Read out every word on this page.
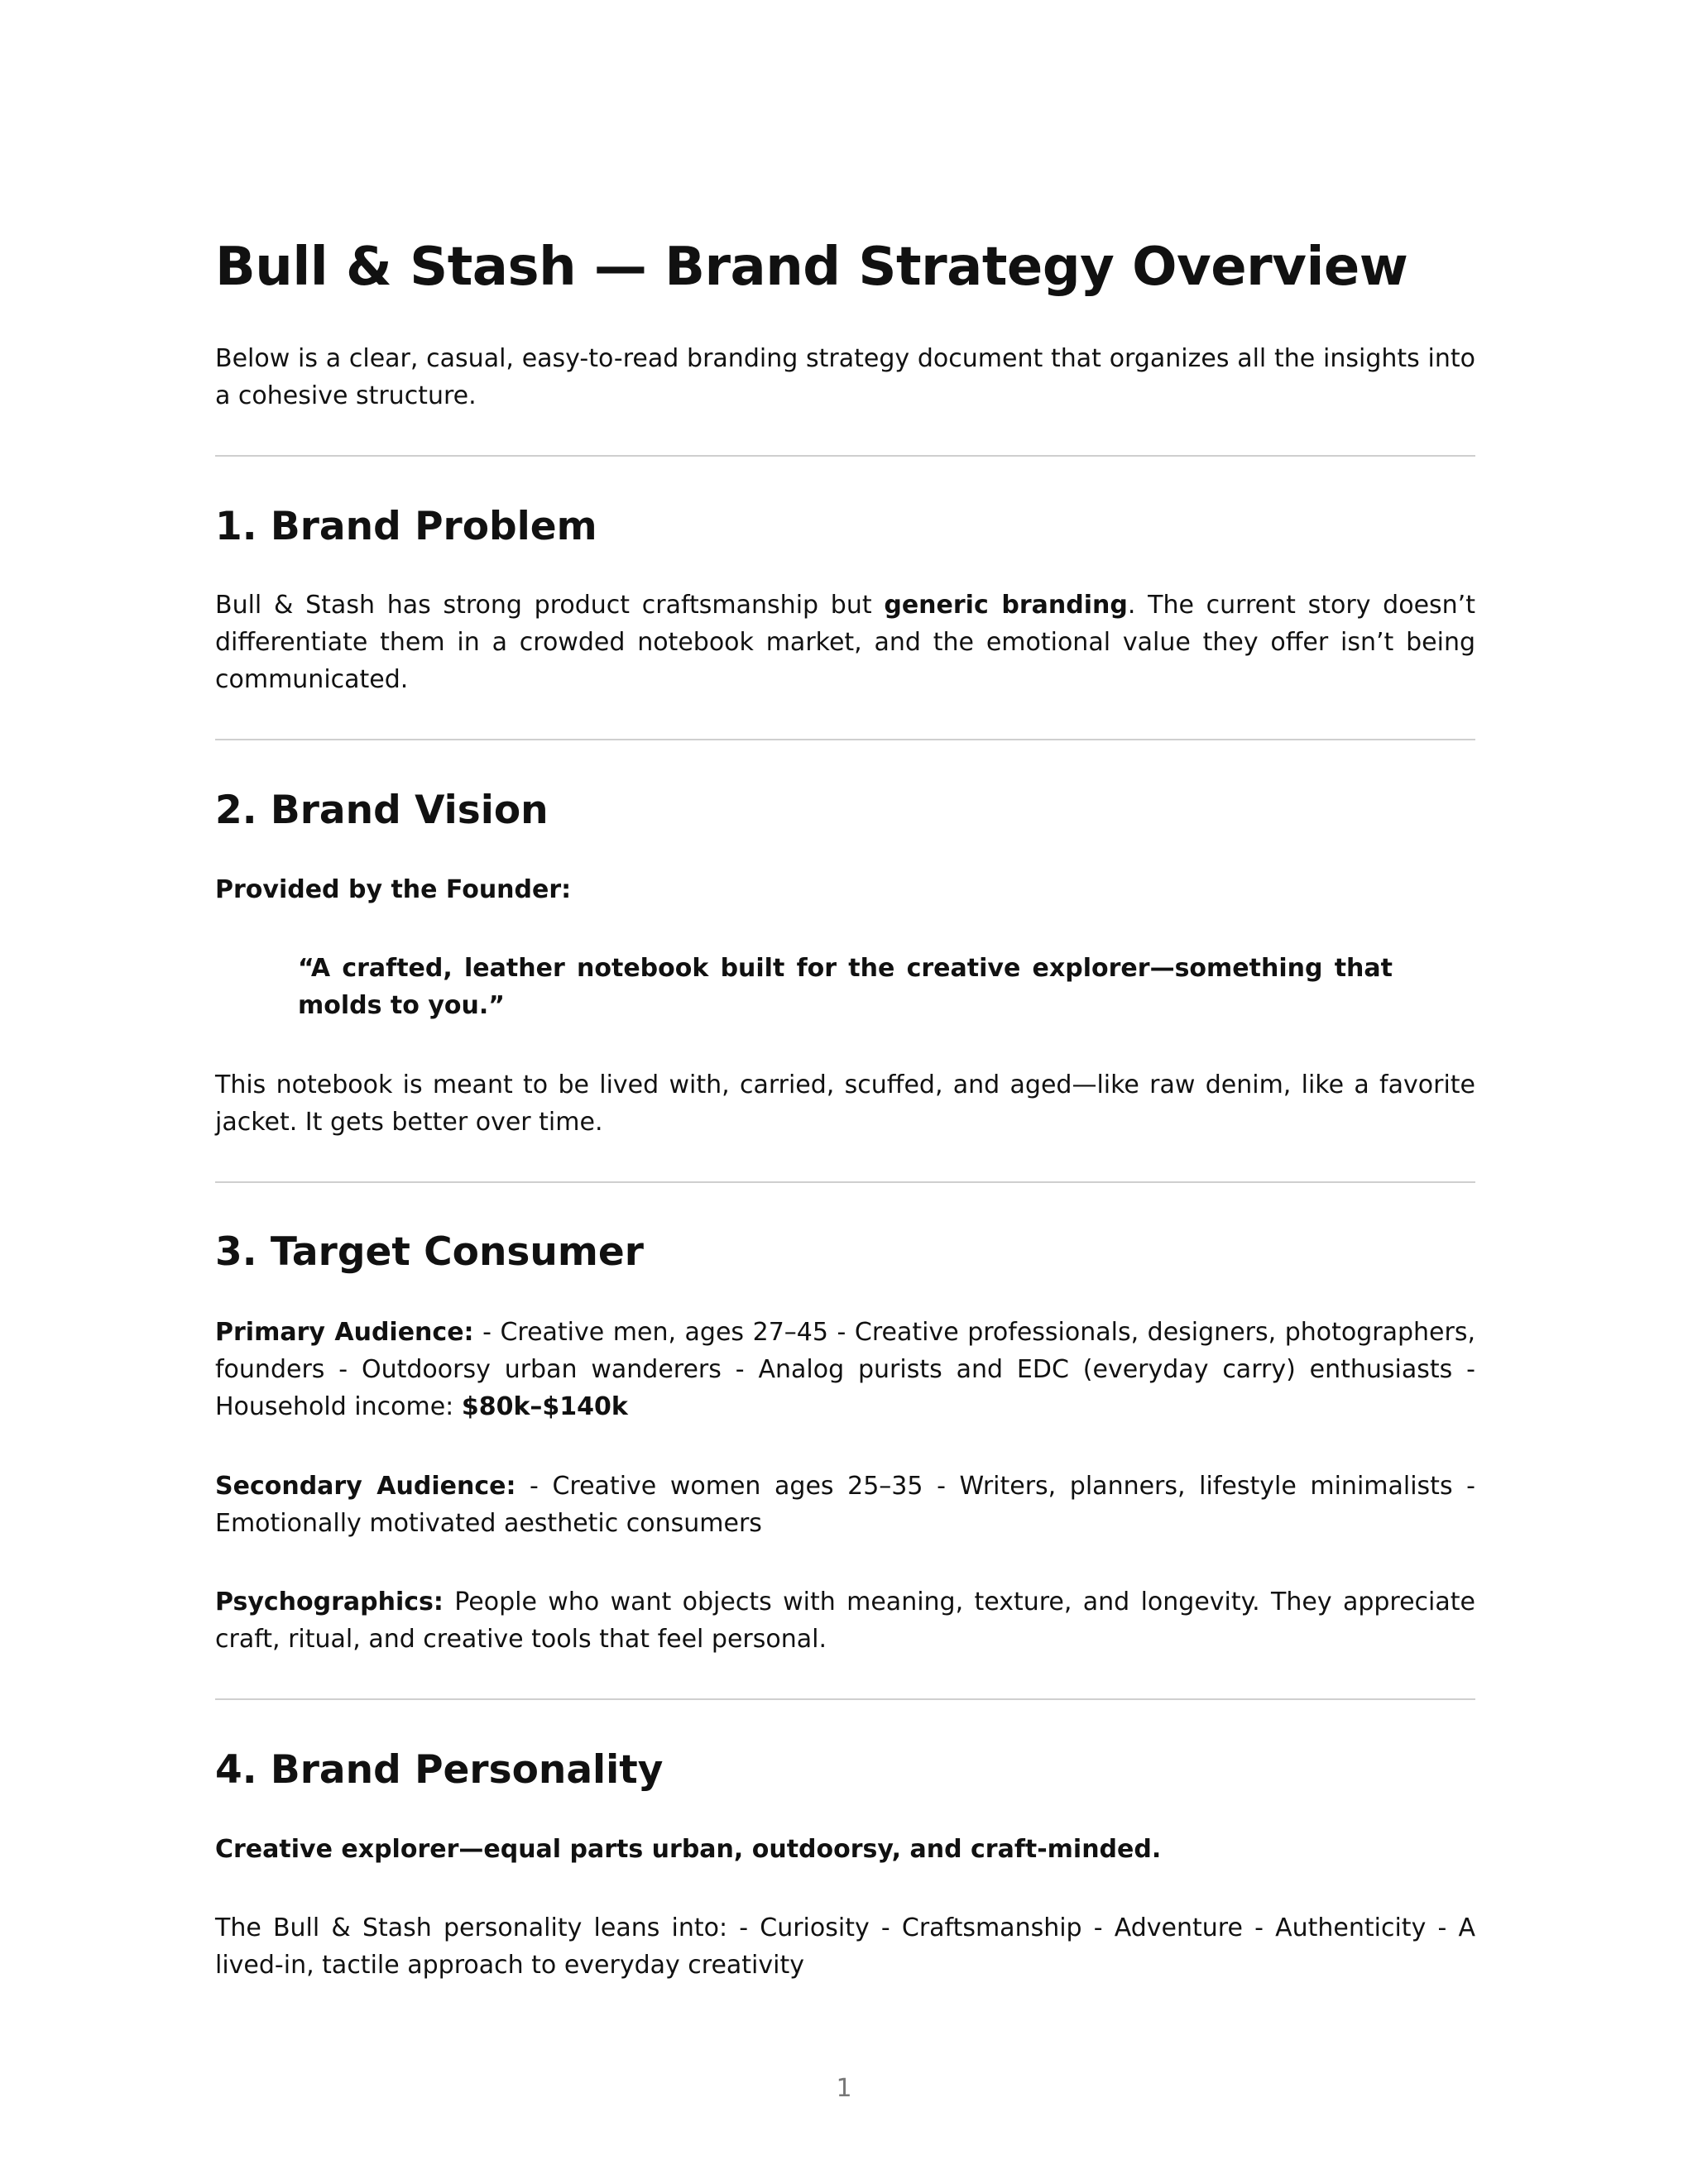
Bull & Stash — Brand Strategy Overview

Below is a clear, casual, easy-to-read branding strategy document that organizes all the insights into a cohesive structure.

1. Brand Problem

Bull & Stash has strong product craftsmanship but generic branding. The current story doesn’t differentiate them in a crowded notebook market, and the emotional value they offer isn’t being communicated.

2. Brand Vision

Provided by the Founder:

“A crafted, leather notebook built for the creative explorer—something that molds to you.”

This notebook is meant to be lived with, carried, scuffed, and aged—like raw denim, like a favorite jacket. It gets better over time.

3. Target Consumer

Primary Audience: - Creative men, ages 27–45 - Creative professionals, designers, photographers, founders - Outdoorsy urban wanderers - Analog purists and EDC (everyday carry) enthusiasts - Household income: $80k–$140k

Secondary Audience: - Creative women ages 25–35 - Writers, planners, lifestyle minimalists - Emotionally motivated aesthetic consumers

Psychographics: People who want objects with meaning, texture, and longevity. They appreciate craft, ritual, and creative tools that feel personal.

4. Brand Personality

Creative explorer—equal parts urban, outdoorsy, and craft-minded.

The Bull & Stash personality leans into: - Curiosity - Craftsmanship - Adventure - Authenticity - A lived-in, tactile approach to everyday creativity

1
